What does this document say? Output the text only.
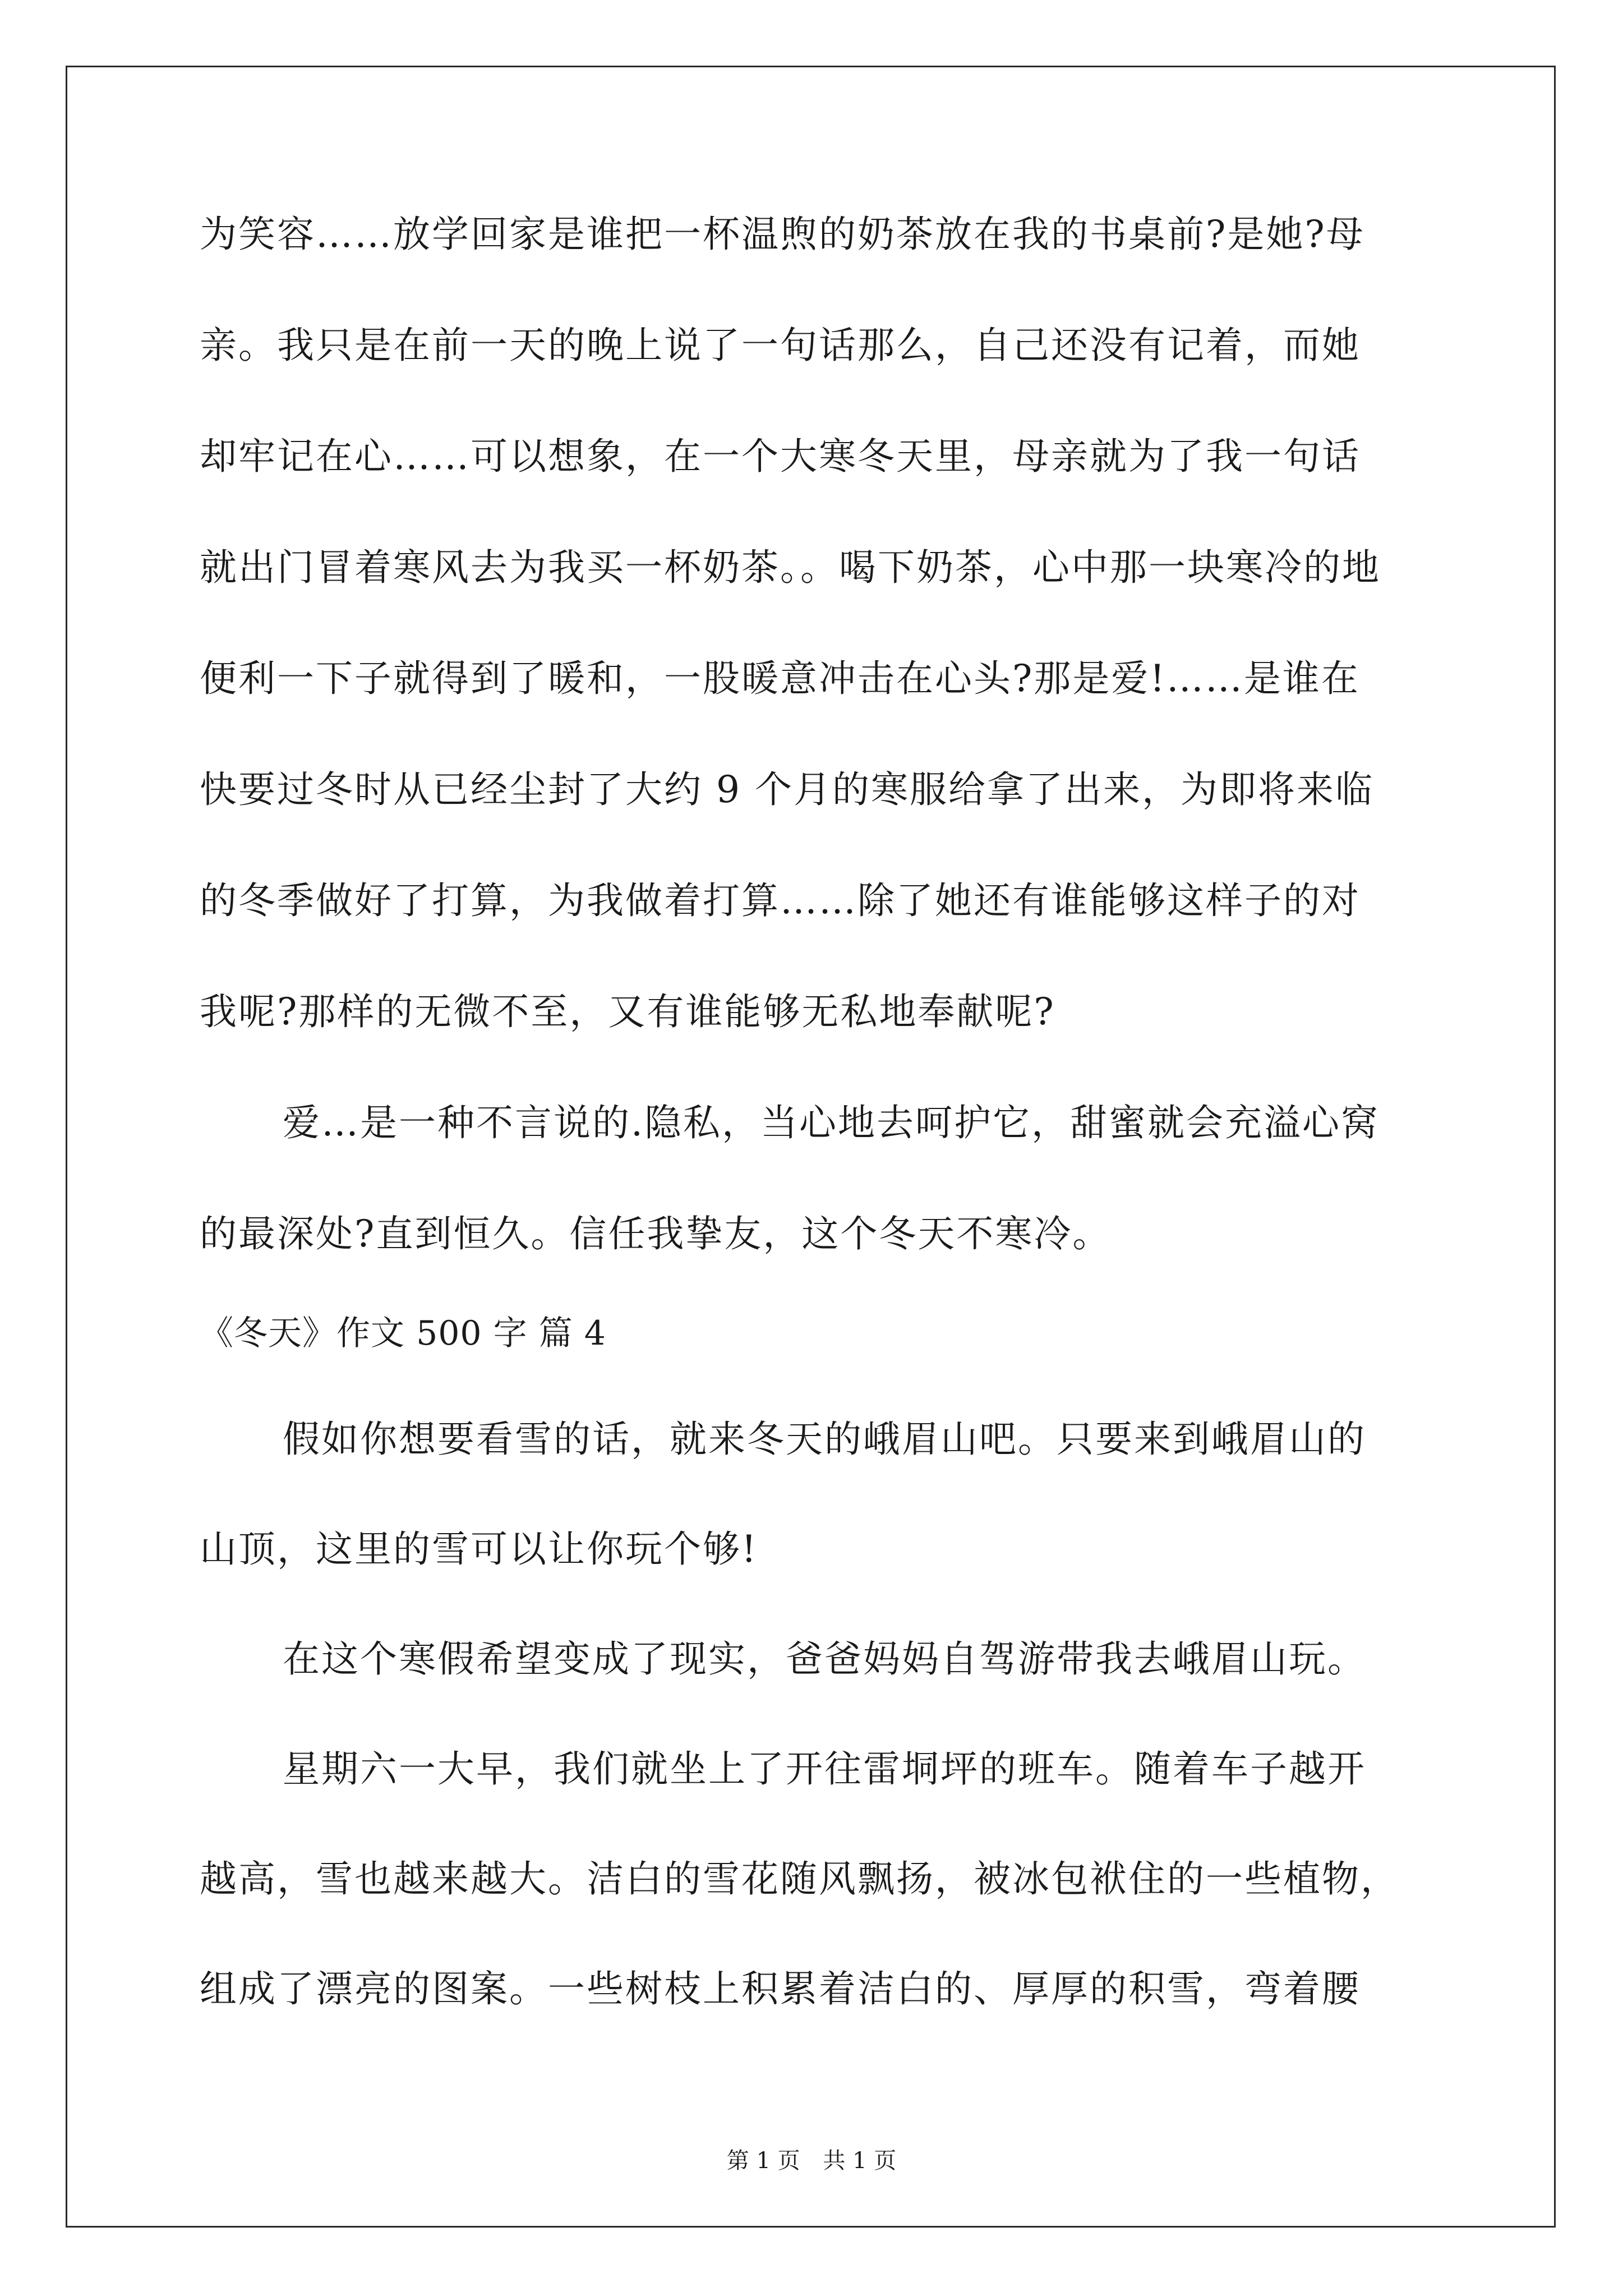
为笑容……放学回家是谁把一杯温煦的奶茶放在我的书桌前?是她?母
亲。我只是在前一天的晚上说了一句话那么，自己还没有记着，而她
却牢记在心……可以想象，在一个大寒冬天里，母亲就为了我一句话
就出门冒着寒风去为我买一杯奶茶。。喝下奶茶，心中那一块寒冷的地
便利一下子就得到了暖和，一股暖意冲击在心头?那是爱!……是谁在
快要过冬时从已经尘封了大约 9 个月的寒服给拿了出来，为即将来临
的冬季做好了打算，为我做着打算……除了她还有谁能够这样子的对
我呢?那样的无微不至，又有谁能够无私地奉献呢?
爱…是一种不言说的.隐私，当心地去呵护它，甜蜜就会充溢心窝
的最深处?直到恒久。信任我挚友，这个冬天不寒冷。
《冬天》作文 500 字 篇 4
假如你想要看雪的话，就来冬天的峨眉山吧。只要来到峨眉山的
山顶，这里的雪可以让你玩个够!
在这个寒假希望变成了现实，爸爸妈妈自驾游带我去峨眉山玩。
星期六一大早，我们就坐上了开往雷垌坪的班车。随着车子越开
越高，雪也越来越大。洁白的雪花随风飘扬，被冰包袱住的一些植物，
组成了漂亮的图案。一些树枝上积累着洁白的、厚厚的积雪，弯着腰
第 1 页 共 1 页
